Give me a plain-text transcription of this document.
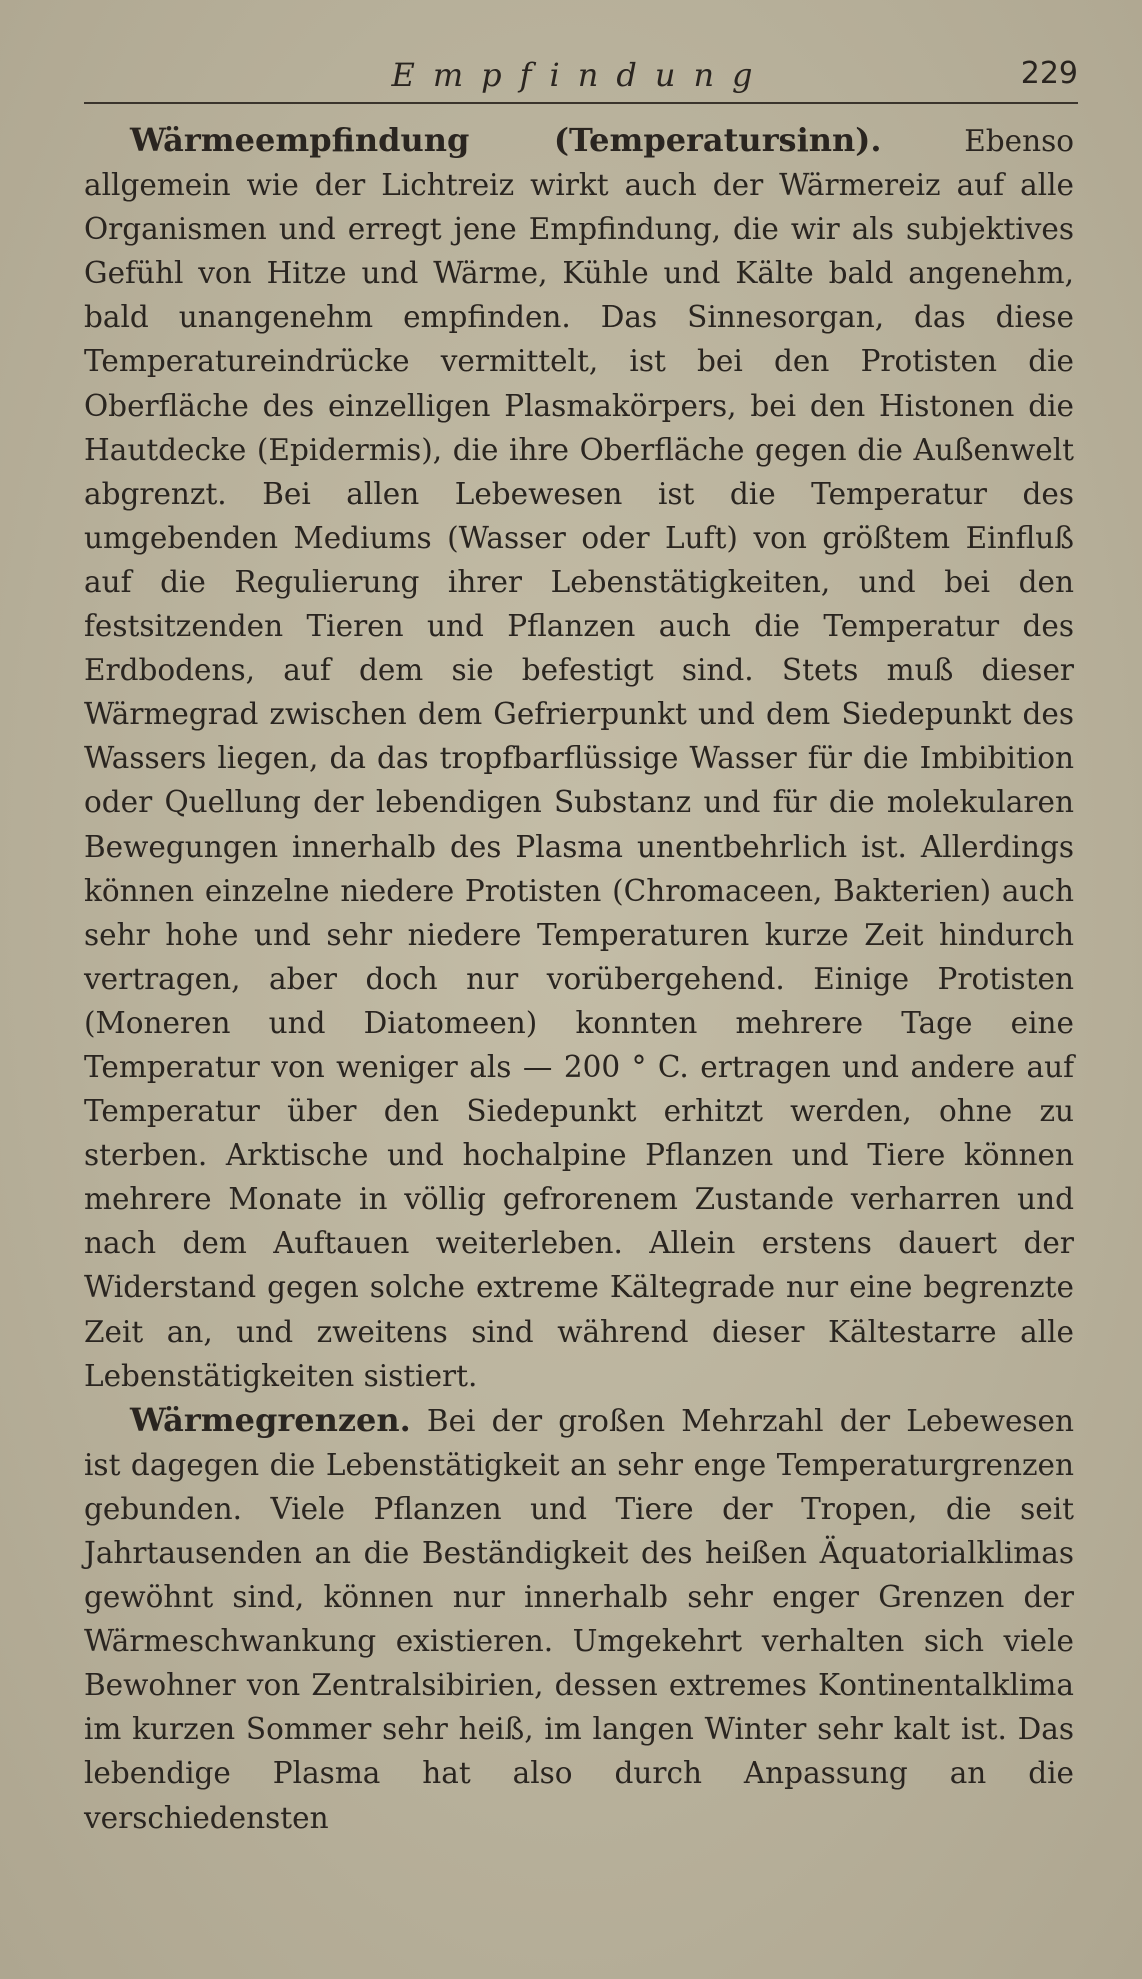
Empfindung	229

Wärmeempfindung (Temperatursinn). Ebenso allgemein wie der Lichtreiz wirkt auch der Wärmereiz auf alle Organismen und erregt jene Empfindung, die wir als subjektives Gefühl von Hitze und Wärme, Kühle und Kälte bald angenehm, bald unangenehm empfinden. Das Sinnesorgan, das diese Temperatureindrücke vermittelt, ist bei den Protisten die Oberfläche des einzelligen Plasmakörpers, bei den Histonen die Hautdecke (Epidermis), die ihre Oberfläche gegen die Außenwelt abgrenzt. Bei allen Lebewesen ist die Temperatur des umgebenden Mediums (Wasser oder Luft) von größtem Einfluß auf die Regulierung ihrer Lebenstätigkeiten, und bei den festsitzenden Tieren und Pflanzen auch die Temperatur des Erdbodens, auf dem sie befestigt sind. Stets muß dieser Wärmegrad zwischen dem Gefrierpunkt und dem Siedepunkt des Wassers liegen, da das tropfbarflüssige Wasser für die Imbibition oder Quellung der lebendigen Substanz und für die molekularen Bewegungen innerhalb des Plasma unentbehrlich ist. Allerdings können einzelne niedere Protisten (Chromaceen, Bakterien) auch sehr hohe und sehr niedere Temperaturen kurze Zeit hindurch vertragen, aber doch nur vorübergehend. Einige Protisten (Moneren und Diatomeen) konnten mehrere Tage eine Temperatur von weniger als — 200 ° C. ertragen und andere auf Temperatur über den Siedepunkt erhitzt werden, ohne zu sterben. Arktische und hochalpine Pflanzen und Tiere können mehrere Monate in völlig gefrorenem Zustande verharren und nach dem Auftauen weiterleben. Allein erstens dauert der Widerstand gegen solche extreme Kältegrade nur eine begrenzte Zeit an, und zweitens sind während dieser Kältestarre alle Lebenstätigkeiten sistiert.

Wärmegrenzen. Bei der großen Mehrzahl der Lebewesen ist dagegen die Lebenstätigkeit an sehr enge Temperaturgrenzen gebunden. Viele Pflanzen und Tiere der Tropen, die seit Jahrtausenden an die Beständigkeit des heißen Äquatorialklimas gewöhnt sind, können nur innerhalb sehr enger Grenzen der Wärmeschwankung existieren. Umgekehrt verhalten sich viele Bewohner von Zentralsibirien, dessen extremes Kontinentalklima im kurzen Sommer sehr heiß, im langen Winter sehr kalt ist. Das lebendige Plasma hat also durch Anpassung an die verschiedensten
